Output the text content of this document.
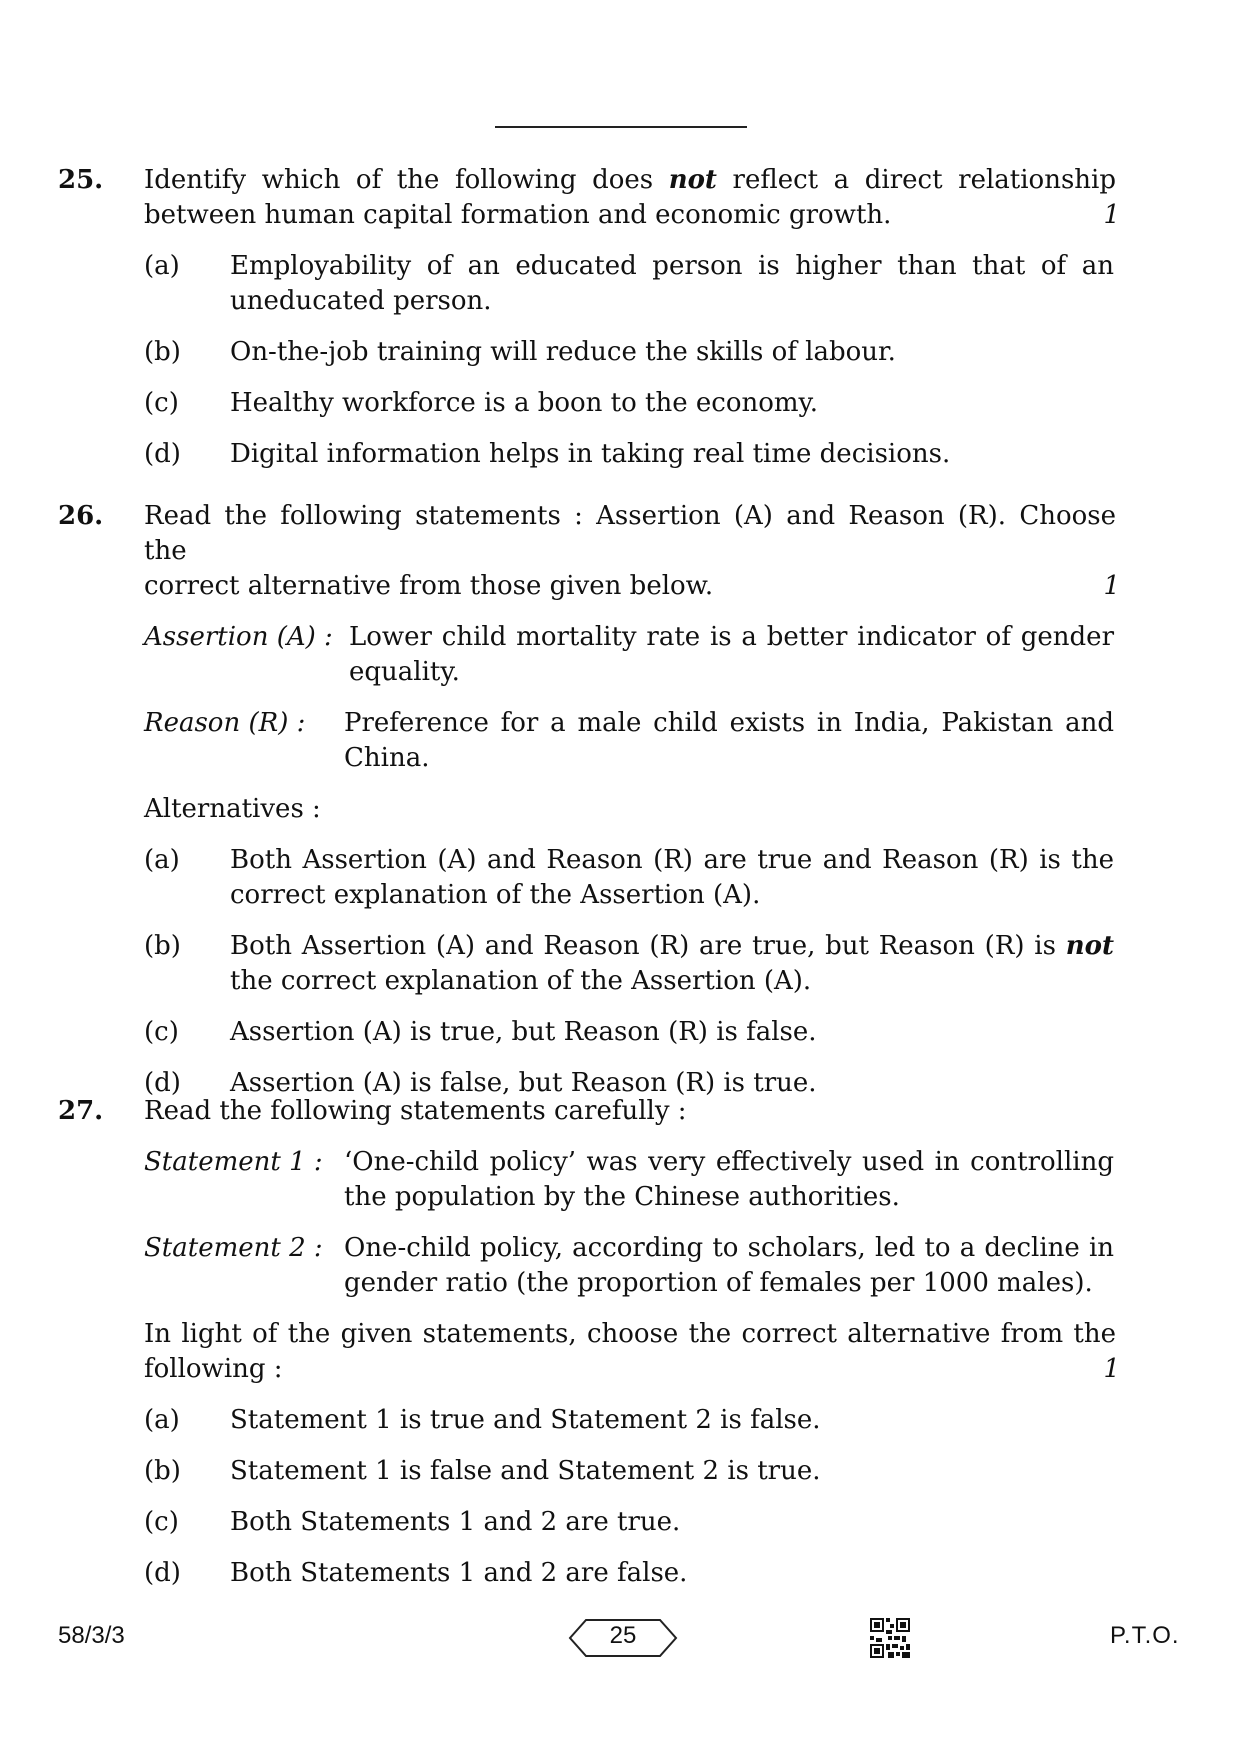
25. Identify which of the following does not reflect a direct relationship
between human capital formation and economic growth.	1
(a)	Employability of an educated person is higher than that of an uneducated person.
(b)	On-the-job training will reduce the skills of labour.
(c)	Healthy workforce is a boon to the economy.
(d)	Digital information helps in taking real time decisions.
26. Read the following statements : Assertion (A) and Reason (R). Choose the
correct alternative from those given below.	1
Assertion (A) : Lower child mortality rate is a better indicator of gender equality.
Reason (R) :	Preference for a male child exists in India, Pakistan and China.
Alternatives :
(a)	Both Assertion (A) and Reason (R) are true and Reason (R) is the correct explanation of the Assertion (A).
(b)	Both Assertion (A) and Reason (R) are true, but Reason (R) is not the correct explanation of the Assertion (A).
(c)	Assertion (A) is true, but Reason (R) is false.
(d)	Assertion (A) is false, but Reason (R) is true.
27. Read the following statements carefully :
Statement 1 : ‘One-child policy’ was very effectively used in controlling the population by the Chinese authorities.
Statement 2 : One-child policy, according to scholars, led to a decline in gender ratio (the proportion of females per 1000 males).
In light of the given statements, choose the correct alternative from the
following :	1
(a)	Statement 1 is true and Statement 2 is false.
(b)	Statement 1 is false and Statement 2 is true.
(c)	Both Statements 1 and 2 are true.
(d)	Both Statements 1 and 2 are false.
58/3/3	25	P.T.O.
